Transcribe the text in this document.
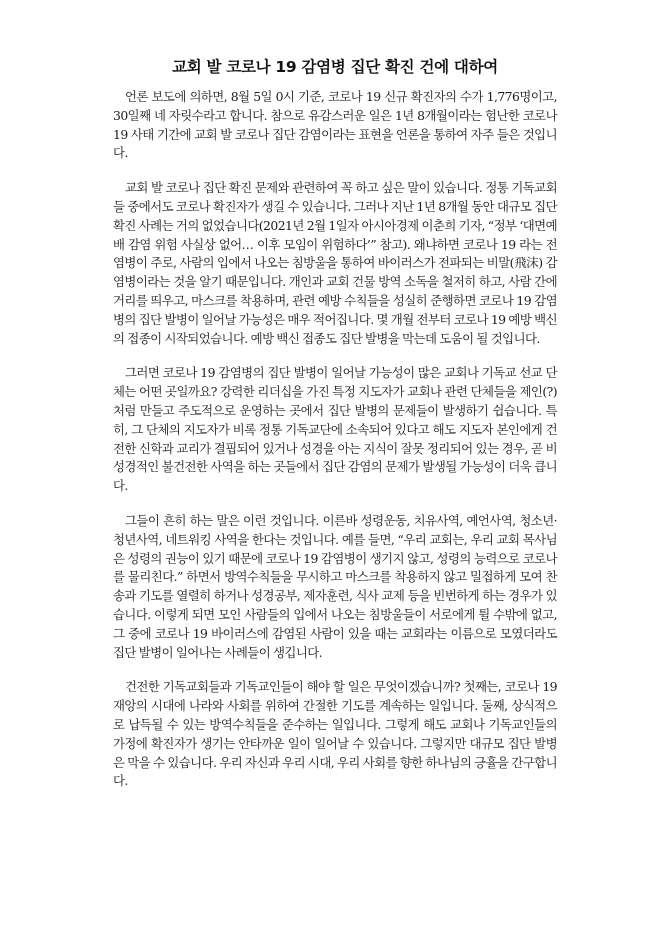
교회 발 코로나 19 감염병 집단 확진 건에 대하여

언론 보도에 의하면, 8월 5일 0시 기준, 코로나 19 신규 확진자의 수가 1,776명이고, 30일째 네 자릿수라고 합니다. 참으로 유감스러운 일은 1년 8개월이라는 험난한 코로나 19 사태 기간에 교회 발 코로나 집단 감염이라는 표현을 언론을 통하여 자주 들은 것입니다.

교회 발 코로나 집단 확진 문제와 관련하여 꼭 하고 싶은 말이 있습니다. 정통 기독교회들 중에서도 코로나 확진자가 생길 수 있습니다. 그러나 지난 1년 8개월 동안 대규모 집단 확진 사례는 거의 없었습니다(2021년 2월 1일자 아시아경제 이춘희 기자, “정부 ‘대면예배 감염 위험 사실상 없어… 이후 모임이 위험하다’” 참고). 왜냐하면 코로나 19 라는 전염병이 주로, 사람의 입에서 나오는 침방울을 통하여 바이러스가 전파되는 비말(飛沫) 감염병이라는 것을 알기 때문입니다. 개인과 교회 건물 방역 소독을 철저히 하고, 사람 간에 거리를 띄우고, 마스크를 착용하며, 관련 예방 수칙들을 성실히 준행하면 코로나 19 감염병의 집단 발병이 일어날 가능성은 매우 적어집니다. 몇 개월 전부터 코로나 19 예방 백신의 접종이 시작되었습니다. 예방 백신 접종도 집단 발병을 막는데 도움이 될 것입니다.

그러면 코로나 19 감염병의 집단 발병이 일어날 가능성이 많은 교회나 기독교 선교 단체는 어떤 곳일까요? 강력한 리더십을 가진 특정 지도자가 교회나 관련 단체들을 제인(?)처럼 만들고 주도적으로 운영하는 곳에서 집단 발병의 문제들이 발생하기 쉽습니다. 특히, 그 단체의 지도자가 비록 정통 기독교단에 소속되어 있다고 해도 지도자 본인에게 건전한 신학과 교리가 결핍되어 있거나 성경을 아는 지식이 잘못 정리되어 있는 경우, 곧 비성경적인 불건전한 사역을 하는 곳들에서 집단 감염의 문제가 발생될 가능성이 더욱 큽니다.

그들이 흔히 하는 말은 이런 것입니다. 이른바 성령운동, 치유사역, 예언사역, 청소년·청년사역, 네트워킹 사역을 한다는 것입니다. 예를 들면, “우리 교회는, 우리 교회 목사님은 성령의 권능이 있기 때문에 코로나 19 감염병이 생기지 않고, 성령의 능력으로 코로나를 물리친다.” 하면서 방역수칙들을 무시하고 마스크를 착용하지 않고 밀접하게 모여 찬송과 기도를 열렬히 하거나 성경공부, 제자훈련, 식사 교제 등을 빈번하게 하는 경우가 있습니다. 이렇게 되면 모인 사람들의 입에서 나오는 침방울들이 서로에게 튈 수밖에 없고, 그 중에 코로나 19 바이러스에 감염된 사람이 있을 때는 교회라는 이름으로 모였더라도 집단 발병이 일어나는 사례들이 생깁니다.

건전한 기독교회들과 기독교인들이 해야 할 일은 무엇이겠습니까? 첫째는, 코로나 19 재앙의 시대에 나라와 사회를 위하여 간절한 기도를 계속하는 일입니다. 둘째, 상식적으로 납득될 수 있는 방역수칙들을 준수하는 일입니다. 그렇게 해도 교회나 기독교인들의 가정에 확진자가 생기는 안타까운 일이 일어날 수 있습니다. 그렇지만 대규모 집단 발병은 막을 수 있습니다. 우리 자신과 우리 시대, 우리 사회를 향한 하나님의 긍휼을 간구합니다.
